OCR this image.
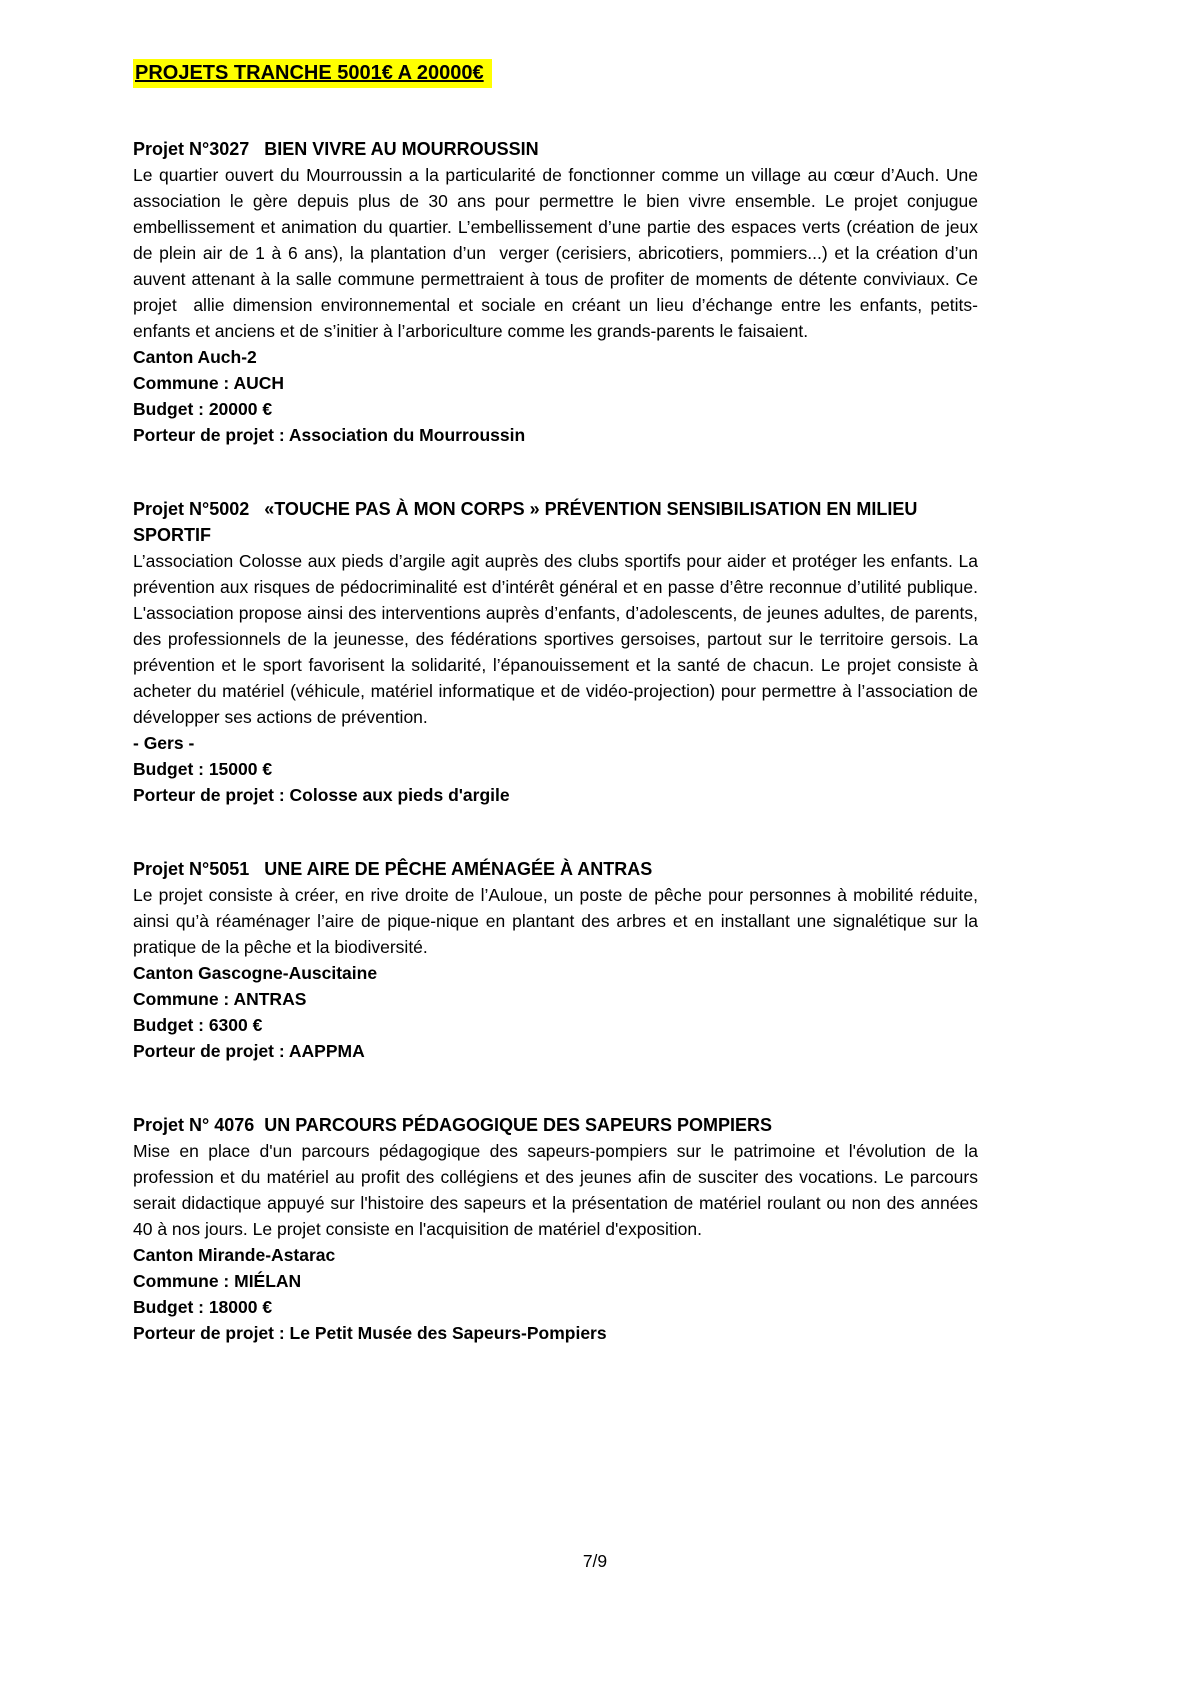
PROJETS TRANCHE 5001€ A 20000€
Projet N°3027   BIEN VIVRE AU MOURROUSSIN

Le quartier ouvert du Mourroussin a la particularité de fonctionner comme un village au cœur d’Auch. Une association le gère depuis plus de 30 ans pour permettre le bien vivre ensemble. Le projet conjugue embellissement et animation du quartier. L’embellissement d’une partie des espaces verts (création de jeux de plein air de 1 à 6 ans), la plantation d’un  verger (cerisiers, abricotiers, pommiers...) et la création d’un auvent attenant à la salle commune permettraient à tous de profiter de moments de détente conviviaux. Ce projet  allie dimension environnemental et sociale en créant un lieu d’échange entre les enfants, petits-enfants et anciens et de s’initier à l’arboriculture comme les grands-parents le faisaient.

Canton Auch-2

Commune : AUCH

Budget : 20000 €

Porteur de projet : Association du Mourroussin

Projet N°5002   «TOUCHE PAS À MON CORPS » PRÉVENTION SENSIBILISATION EN MILIEU SPORTIF

L’association Colosse aux pieds d’argile agit auprès des clubs sportifs pour aider et protéger les enfants. La prévention aux risques de pédocriminalité est d’intérêt général et en passe d’être reconnue d’utilité publique. L'association propose ainsi des interventions auprès d’enfants, d’adolescents, de jeunes adultes, de parents, des professionnels de la jeunesse, des fédérations sportives gersoises, partout sur le territoire gersois. La prévention et le sport favorisent la solidarité, l’épanouissement et la santé de chacun. Le projet consiste à acheter du matériel (véhicule, matériel informatique et de vidéo-projection) pour permettre à l’association de développer ses actions de prévention.

- Gers -

Budget : 15000 €

Porteur de projet : Colosse aux pieds d'argile

Projet N°5051   UNE AIRE DE PÊCHE AMÉNAGÉE À ANTRAS

Le projet consiste à créer, en rive droite de l’Auloue, un poste de pêche pour personnes à mobilité réduite, ainsi qu’à réaménager l’aire de pique-nique en plantant des arbres et en installant une signalétique sur la pratique de la pêche et la biodiversité.

Canton Gascogne-Auscitaine

Commune : ANTRAS

Budget : 6300 €

Porteur de projet : AAPPMA

Projet N° 4076  UN PARCOURS PÉDAGOGIQUE DES SAPEURS POMPIERS

Mise en place d'un parcours pédagogique des sapeurs-pompiers sur le patrimoine et l'évolution de la profession et du matériel au profit des collégiens et des jeunes afin de susciter des vocations. Le parcours serait didactique appuyé sur l'histoire des sapeurs et la présentation de matériel roulant ou non des années 40 à nos jours. Le projet consiste en l'acquisition de matériel d'exposition.

Canton Mirande-Astarac

Commune : MIÉLAN

Budget : 18000 €

Porteur de projet : Le Petit Musée des Sapeurs-Pompiers

7/9
